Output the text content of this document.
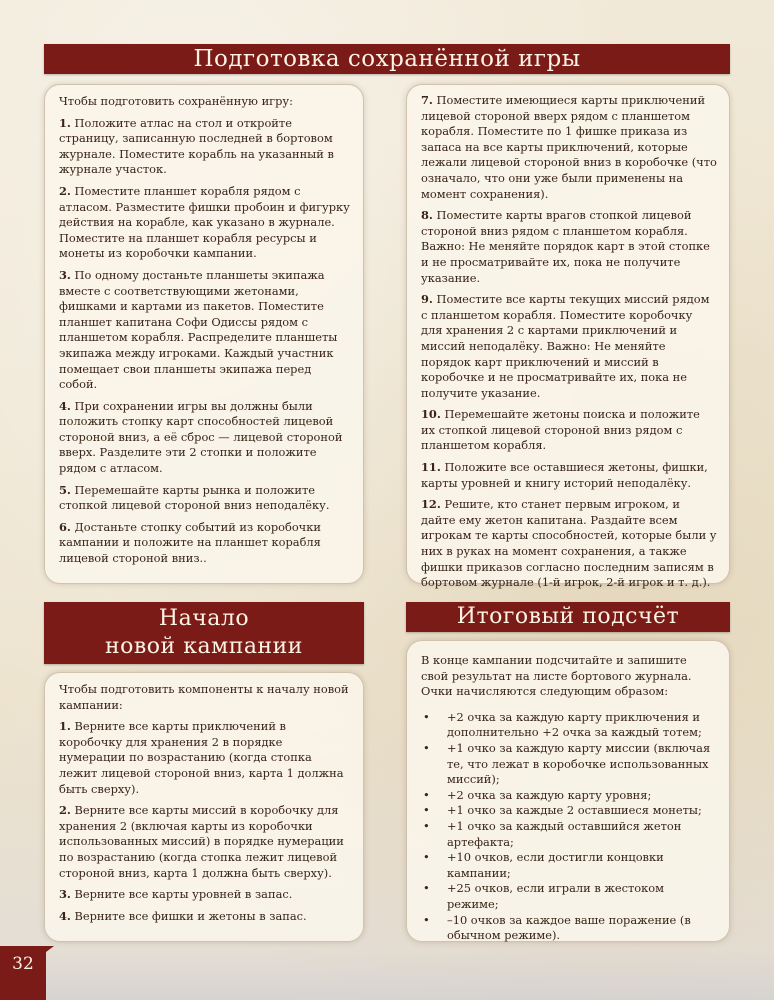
Подготовка сохранённой игры

Чтобы подготовить сохранённую игру:

1. Положите атлас на стол и откройте страницу, записанную последней в бортовом журнале. Поместите корабль на указанный в журнале участок.

2. Поместите планшет корабля рядом с атласом. Разместите фишки пробоин и фигурку действия на корабле, как указано в журнале. Поместите на планшет корабля ресурсы и монеты из коробочки кампании.

3. По одному достаньте планшеты экипажа вместе с соответствующими жетонами, фишками и картами из пакетов. Поместите планшет капитана Софи Одиссы рядом с планшетом корабля. Распределите планшеты экипажа между игроками. Каждый участник помещает свои планшеты экипажа перед собой.

4. При сохранении игры вы должны были положить стопку карт способностей лицевой стороной вниз, а её сброс — лицевой стороной вверх. Разделите эти 2 стопки и положите рядом с атласом.

5. Перемешайте карты рынка и положите стопкой лицевой стороной вниз неподалёку.

6. Достаньте стопку событий из коробочки кампании и положите на планшет корабля лицевой стороной вниз..

7. Поместите имеющиеся карты приключений лицевой стороной вверх рядом с планшетом корабля. Поместите по 1 фишке приказа из запаса на все карты приключений, которые лежали лицевой стороной вниз в коробочке (что означало, что они уже были применены на момент сохранения).

8. Поместите карты врагов стопкой лицевой стороной вниз рядом с планшетом корабля. Важно: Не меняйте порядок карт в этой стопке и не просматривайте их, пока не получите указание.

9. Поместите все карты текущих миссий рядом с планшетом корабля. Поместите коробочку для хранения 2 с картами приключений и миссий неподалёку. Важно: Не меняйте порядок карт приключений и миссий в коробочке и не просматривайте их, пока не получите указание.

10. Перемешайте жетоны поиска и положите их стопкой лицевой стороной вниз рядом с планшетом корабля.

11. Положите все оставшиеся жетоны, фишки, карты уровней и книгу историй неподалёку.

12. Решите, кто станет первым игроком, и дайте ему жетон капитана. Раздайте всем игрокам те карты способностей, которые были у них в руках на момент сохранения, а также фишки приказов согласно последним записям в бортовом журнале (1-й игрок, 2-й игрок и т. д.).

Начало
новой кампании

Чтобы подготовить компоненты к началу новой кампании:

1. Верните все карты приключений в коробочку для хранения 2 в порядке нумерации по возрастанию (когда стопка лежит лицевой стороной вниз, карта 1 должна быть сверху).

2. Верните все карты миссий в коробочку для хранения 2 (включая карты из коробочки использованных миссий) в порядке нумерации по возрастанию (когда стопка лежит лицевой стороной вниз, карта 1 должна быть сверху).

3. Верните все карты уровней в запас.

4. Верните все фишки и жетоны в запас.

Итоговый подсчёт

В конце кампании подсчитайте и запишите свой результат на листе бортового журнала. Очки начисляются следующим образом:

• +2 очка за каждую карту приключения и дополнительно +2 очка за каждый тотем;
• +1 очко за каждую карту миссии (включая те, что лежат в коробочке использованных миссий);
• +2 очка за каждую карту уровня;
• +1 очко за каждые 2 оставшиеся монеты;
• +1 очко за каждый оставшийся жетон артефакта;
• +10 очков, если достигли концовки кампании;
• +25 очков, если играли в жестоком режиме;
• –10 очков за каждое ваше поражение (в обычном режиме).
32
